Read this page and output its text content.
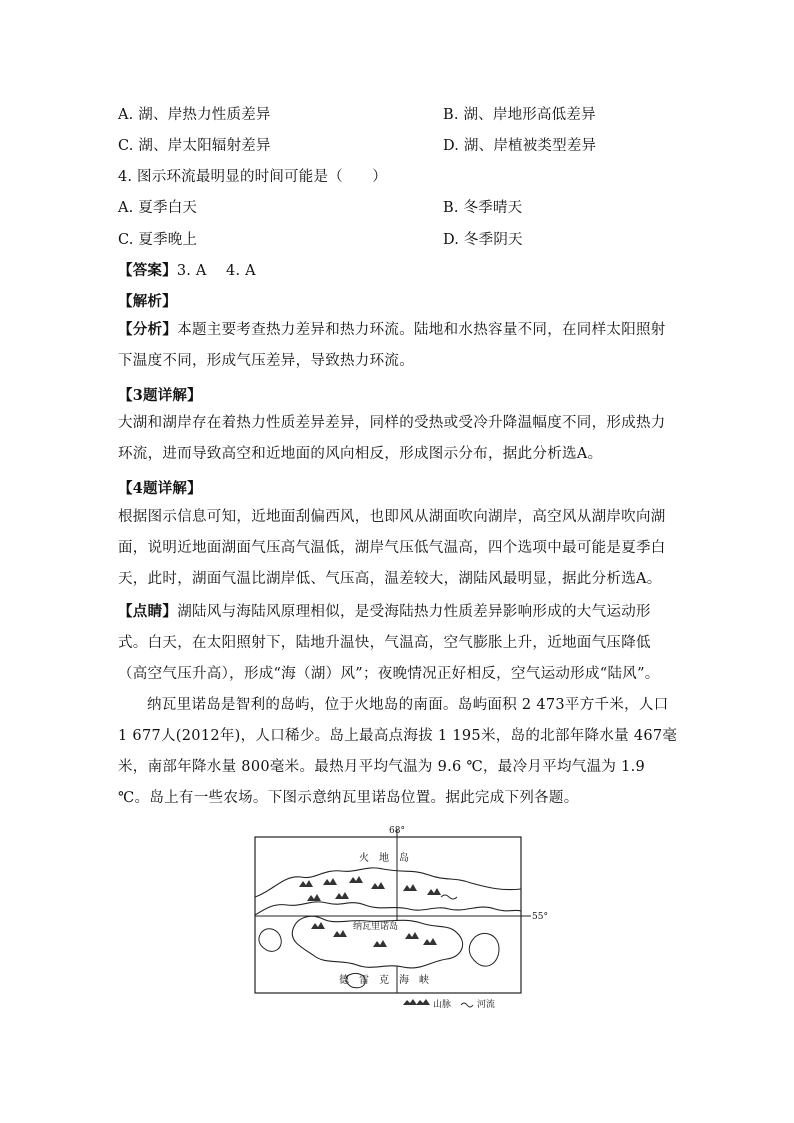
A. 湖、岸热力性质差异	B. 湖、岸地形高低差异
C. 湖、岸太阳辐射差异	D. 湖、岸植被类型差异
4. 图示环流最明显的时间可能是（　　）
A. 夏季白天	B. 冬季晴天
C. 夏季晚上	D. 冬季阴天
【答案】3. A　 4. A
【解析】
【分析】本题主要考查热力差异和热力环流。陆地和水热容量不同，在同样太阳照射下温度不同，形成气压差异，导致热力环流。
【3题详解】
大湖和湖岸存在着热力性质差异差异，同样的受热或受冷升降温幅度不同，形成热力环流，进而导致高空和近地面的风向相反，形成图示分布，据此分析选A。
【4题详解】
根据图示信息可知，近地面刮偏西风，也即风从湖面吹向湖岸，高空风从湖岸吹向湖面，说明近地面湖面气压高气温低，湖岸气压低气温高，四个选项中最可能是夏季白天，此时，湖面气温比湖岸低、气压高，温差较大，湖陆风最明显，据此分析选A。
【点睛】湖陆风与海陆风原理相似，是受海陆热力性质差异影响形成的大气运动形式。白天，在太阳照射下，陆地升温快，气温高，空气膨胀上升，近地面气压降低（高空气压升高），形成“海（湖）风”；夜晚情况正好相反，空气运动形成“陆风”。
纳瓦里诺岛是智利的岛屿，位于火地岛的南面。岛屿面积 2 473平方千米，人口 1 677人(2012年)，人口稀少。岛上最高点海拔 1 195米，岛的北部年降水量 467毫米，南部年降水量 800毫米。最热月平均气温为 9.6 ℃，最冷月平均气温为 1.9 ℃。岛上有一些农场。下图示意纳瓦里诺岛位置。据此完成下列各题。
68°
55°
火　地　岛
纳瓦里诺岛
德　雷　克　海　峡
山脉	河流
